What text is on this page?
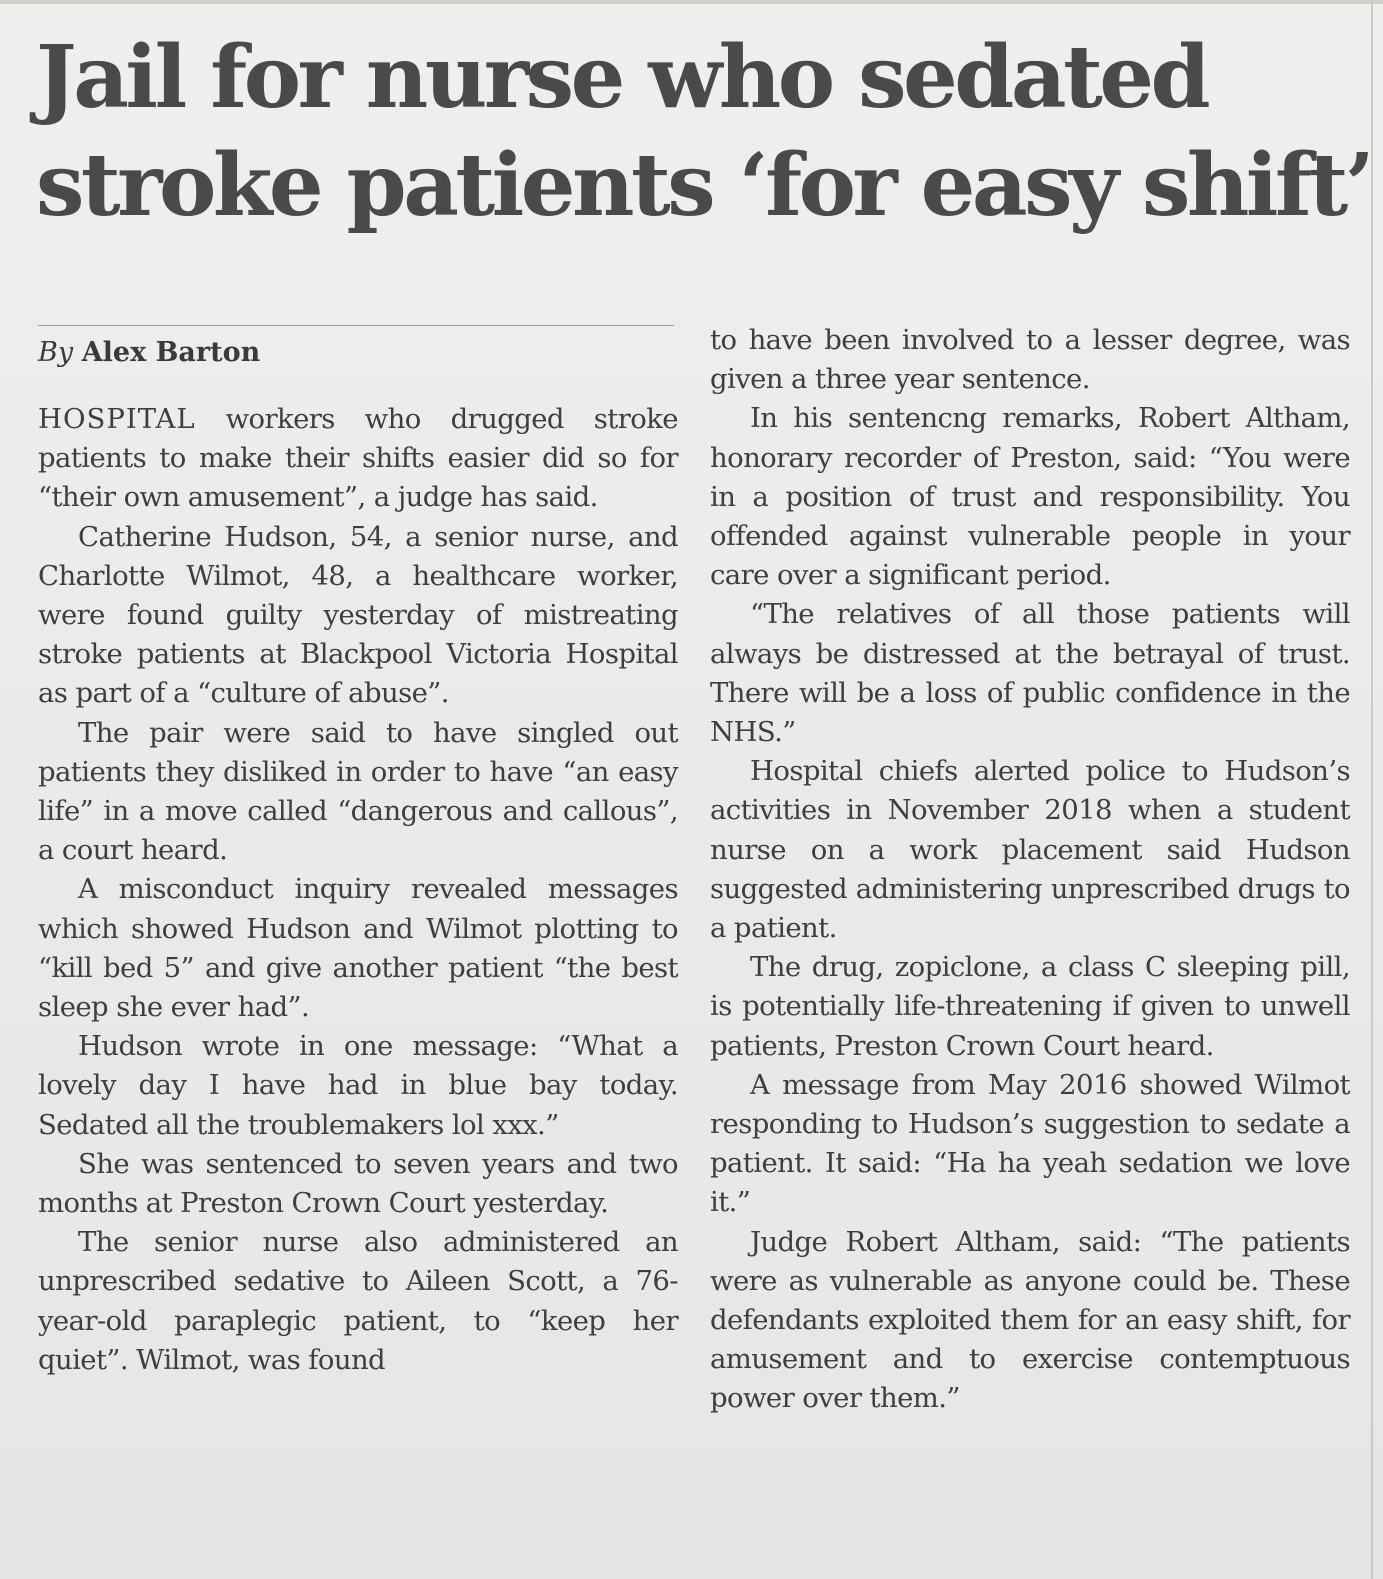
Jail for nurse who sedated
stroke patients ‘for easy shift’
By Alex Barton

HOSPITAL workers who drugged stroke patients to make their shifts easier did so for “their own amusement”, a judge has said.

Catherine Hudson, 54, a senior nurse, and Charlotte Wilmot, 48, a healthcare worker, were found guilty yesterday of mistreating stroke patients at Blackpool Victoria Hospital as part of a “culture of abuse”.

The pair were said to have singled out patients they disliked in order to have “an easy life” in a move called “dangerous and callous”, a court heard.

A misconduct inquiry revealed messages which showed Hudson and Wilmot plotting to “kill bed 5” and give another patient “the best sleep she ever had”.

Hudson wrote in one message: “What a lovely day I have had in blue bay today. Sedated all the troublemakers lol xxx.”

She was sentenced to seven years and two months at Preston Crown Court yesterday.

The senior nurse also administered an unprescribed sedative to Aileen Scott, a 76-year-old paraplegic patient, to “keep her quiet”. Wilmot, was found

to have been involved to a lesser degree, was given a three year sentence.

In his sentencng remarks, Robert Altham, honorary recorder of Preston, said: “You were in a position of trust and responsibility. You offended against vulnerable people in your care over a significant period.

“The relatives of all those patients will always be distressed at the betrayal of trust. There will be a loss of public confidence in the NHS.”

Hospital chiefs alerted police to Hudson’s activities in November 2018 when a student nurse on a work placement said Hudson suggested administering unprescribed drugs to a patient.

The drug, zopiclone, a class C sleeping pill, is potentially life-threatening if given to unwell patients, Preston Crown Court heard.

A message from May 2016 showed Wilmot responding to Hudson’s suggestion to sedate a patient. It said: “Ha ha yeah sedation we love it.”

Judge Robert Altham, said: “The patients were as vulnerable as anyone could be. These defendants exploited them for an easy shift, for amusement and to exercise contemptuous power over them.”
